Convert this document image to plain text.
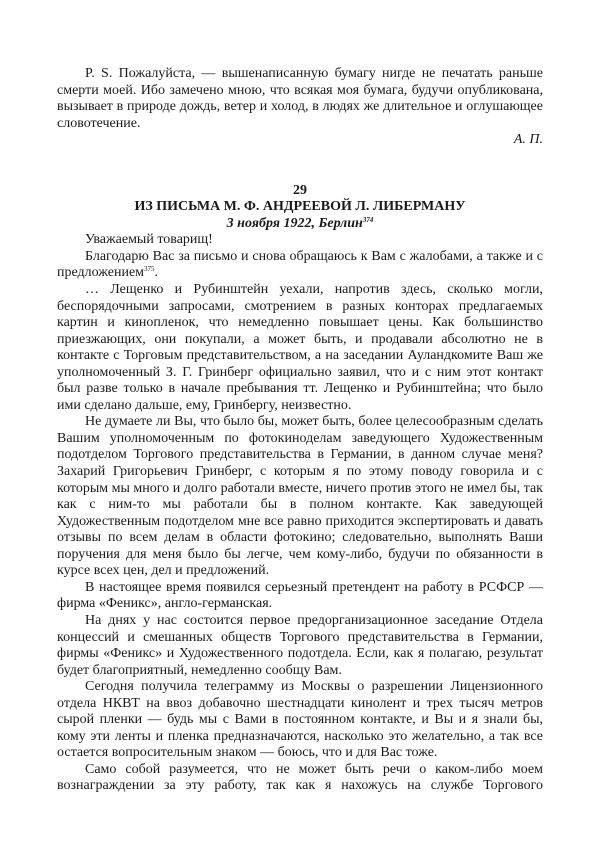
P. S. Пожалуйста, — вышенаписанную бумагу нигде не печатать раньше смерти моей. Ибо замечено мною, что всякая моя бумага, будучи опубликована, вызывает в природе дождь, ветер и холод, в людях же длительное и оглушающее словотечение.

А. П.

29

ИЗ ПИСЬМА М. Ф. АНДРЕЕВОЙ Л. ЛИБЕРМАНУ

3 ноября 1922, Берлин$^{374}$

Уважаемый товарищ!

Благодарю Вас за письмо и снова обращаюсь к Вам с жалобами, а также и с предложением$^{375}$.

… Лещенко и Рубинштейн уехали, напротив здесь, сколько могли, беспорядочными запросами, смотрением в разных конторах предлагаемых картин и кинопленок, что немедленно повышает цены. Как большинство приезжающих, они покупали, а может быть, и продавали абсолютно не в контакте с Торговым представительством, а на заседании Ауландкомите Ваш же уполномоченный З. Г. Гринберг официально заявил, что и с ним этот контакт был разве только в начале пребывания тт. Лещенко и Рубинштейна; что было ими сделано дальше, ему, Гринбергу, неизвестно.

Не думаете ли Вы, что было бы, может быть, более целесообразным сделать Вашим уполномоченным по фотокиноделам заведующего Художественным подотделом Торгового представительства в Германии, в данном случае меня? Захарий Григорьевич Гринберг, с которым я по этому поводу говорила и с которым мы много и долго работали вместе, ничего против этого не имел бы, так как с ним-то мы работали бы в полном контакте. Как заведующей Художественным подотделом мне все равно приходится экспертировать и давать отзывы по всем делам в области фотокино; следовательно, выполнять Ваши поручения для меня было бы легче, чем кому-либо, будучи по обязанности в курсе всех цен, дел и предложений.

В настоящее время появился серьезный претендент на работу в РСФСР — фирма «Феникс», англо-германская.

На днях у нас состоится первое предорганизационное заседание Отдела концессий и смешанных обществ Торгового представительства в Германии, фирмы «Феникс» и Художественного подотдела. Если, как я полагаю, результат будет благоприятный, немедленно сообщу Вам.

Сегодня получила телеграмму из Москвы о разрешении Лицензионного отдела НКВТ на ввоз добавочно шестнадцати кинолент и трех тысяч метров сырой пленки — будь мы с Вами в постоянном контакте, и Вы и я знали бы, кому эти ленты и пленка предназначаются, насколько это желательно, а так все остается вопросительным знаком — боюсь, что и для Вас тоже.

Само собой разумеется, что не может быть речи о каком-либо моем вознаграждении за эту работу, так как я нахожусь на службе Торгового
